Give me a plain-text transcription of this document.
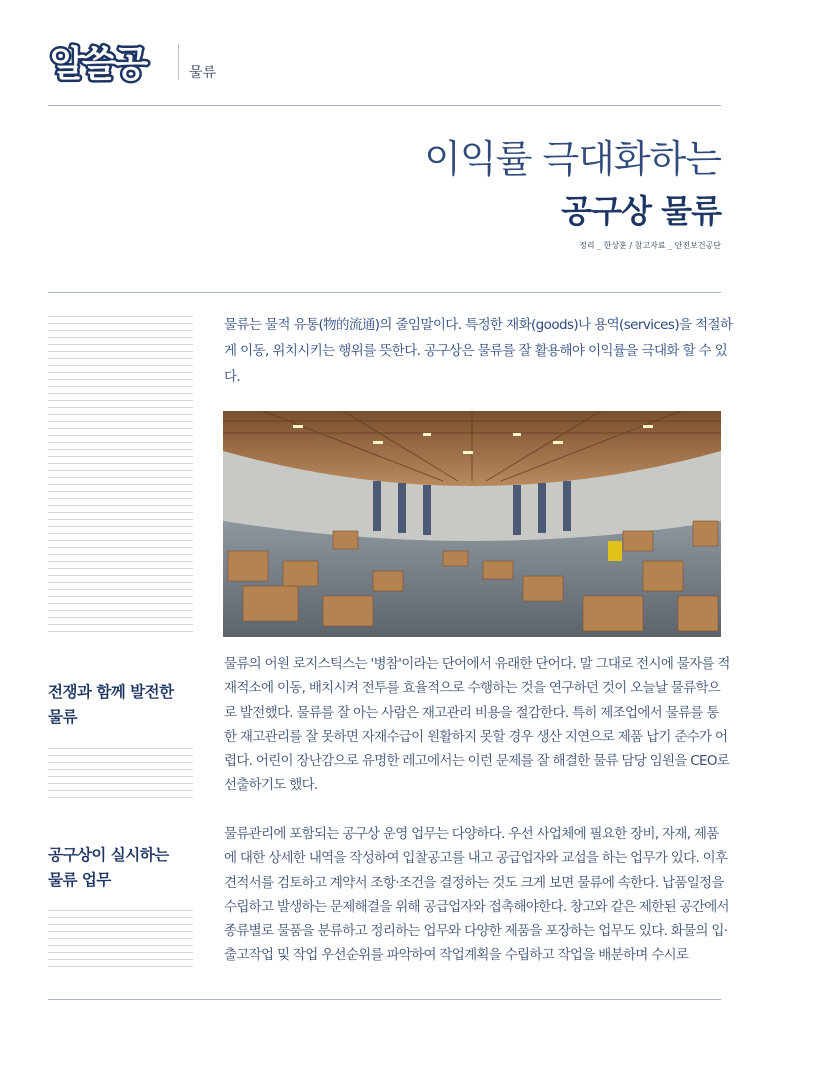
알쓸공	물류
이익률 극대화하는
공구상 물류
정리 _ 한상훈 / 참고자료 _ 안전보건공단
물류는 물적 유통(物的流通)의 줄임말이다. 특정한 재화(goods)나 용역(services)을 적절하게 이동, 위치시키는 행위를 뜻한다. 공구상은 물류를 잘 활용해야 이익률을 극대화 할 수 있다.
전쟁과 함께 발전한
물류
물류의 어원 로지스틱스는 '병참'이라는 단어에서 유래한 단어다. 말 그대로 전시에 물자를 적재적소에 이동, 배치시켜 전투를 효율적으로 수행하는 것을 연구하던 것이 오늘날 물류학으로 발전했다. 물류를 잘 아는 사람은 재고관리 비용을 절감한다. 특히 제조업에서 물류를 통한 재고관리를 잘 못하면 자재수급이 원활하지 못할 경우 생산 지연으로 제품 납기 준수가 어렵다. 어린이 장난감으로 유명한 레고에서는 이런 문제를 잘 해결한 물류 담당 임원을 CEO로 선출하기도 했다.
공구상이 실시하는
물류 업무
물류관리에 포함되는 공구상 운영 업무는 다양하다. 우선 사업체에 필요한 장비, 자재, 제품에 대한 상세한 내역을 작성하여 입찰공고를 내고 공급업자와 교섭을 하는 업무가 있다. 이후 견적서를 검토하고 계약서 조항·조건을 결정하는 것도 크게 보면 물류에 속한다. 납품일정을 수립하고 발생하는 문제해결을 위해 공급업자와 접촉해야한다. 창고와 같은 제한된 공간에서 종류별로 물품을 분류하고 정리하는 업무와 다양한 제품을 포장하는 업무도 있다. 화물의 입·출고작업 및 작업 우선순위를 파악하여 작업계획을 수립하고 작업을 배분하며 수시로
